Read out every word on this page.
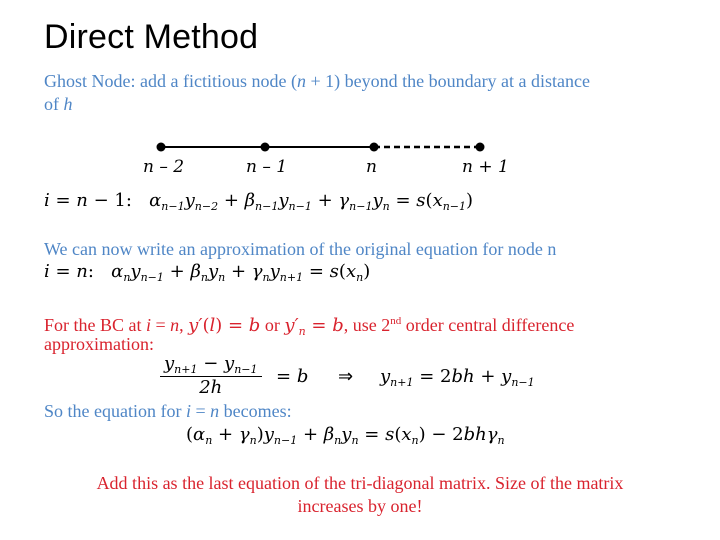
Direct Method
Ghost Node: add a fictitious node (n + 1) beyond the boundary at a distance
of h
n – 2	n – 1	n	n + 1
i = n − 1:   $\alpha_{n-1}y_{n-2} + \beta_{n-1}y_{n-1} + \gamma_{n-1}y_n = s(x_{n-1})$
We can now write an approximation of the original equation for node n
i = n:   $\alpha_ny_{n-1} + \beta_ny_n + \gamma_ny_{n+1} = s(x_n)$
For the BC at i = n, y′(l) = b or $y'_n = b$, use 2nd order central difference
approximation:
$\frac{y_{n+1} - y_{n-1}}{2h} = b$ ⇒ $y_{n+1} = 2bh + y_{n-1}$
So the equation for i = n becomes:
$(\alpha_n + \gamma_n)y_{n-1} + \beta_ny_n = s(x_n) - 2bh\gamma_n$
Add this as the last equation of the tri-diagonal matrix. Size of the matrix
increases by one!
